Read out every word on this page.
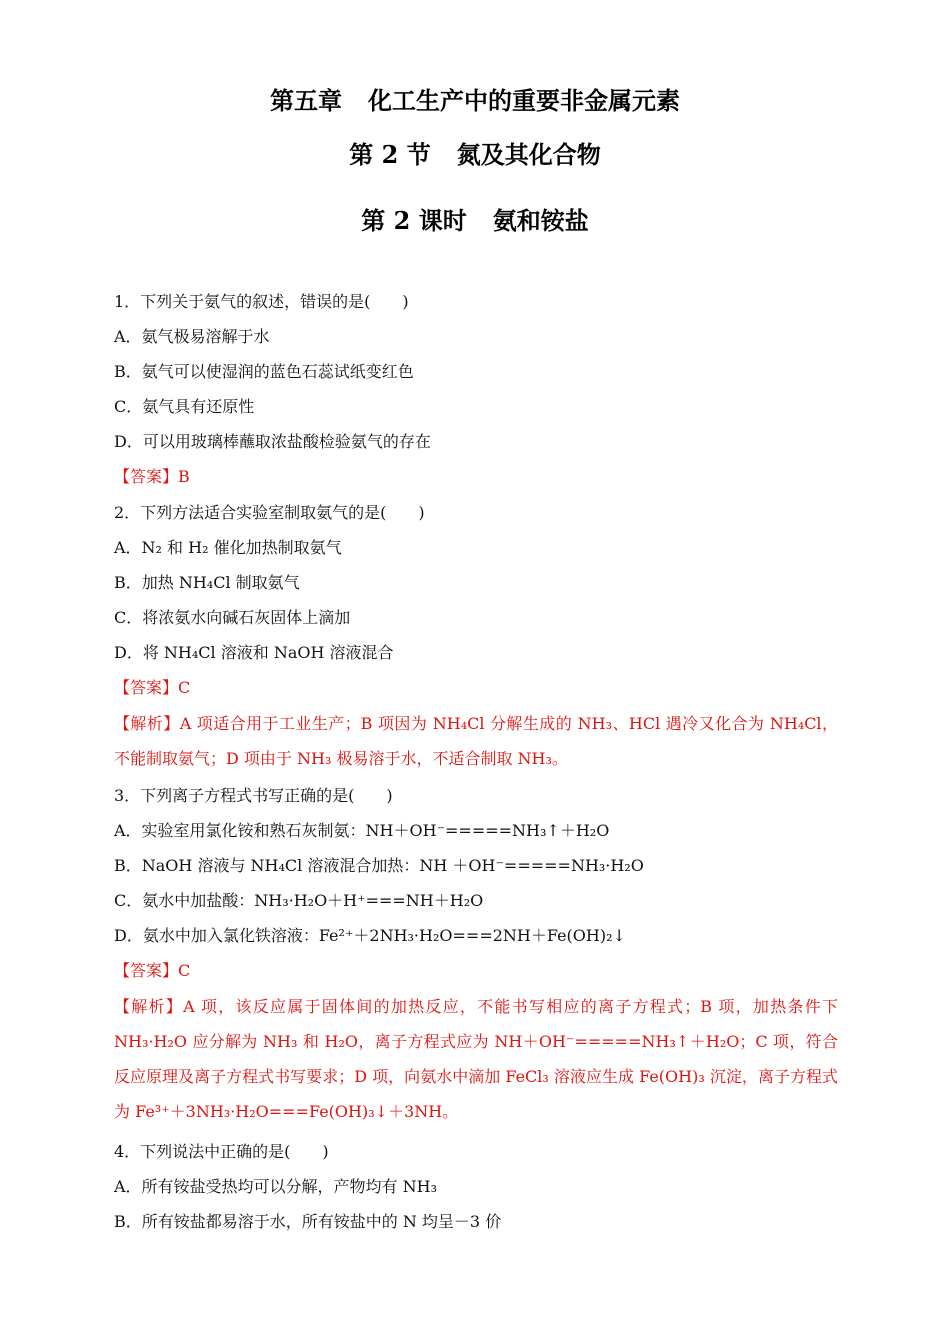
第五章 化工生产中的重要非金属元素
第 2 节 氮及其化合物
第 2 课时 氨和铵盐
1．下列关于氨气的叙述，错误的是(　　)
A．氨气极易溶解于水
B．氨气可以使湿润的蓝色石蕊试纸变红色
C．氨气具有还原性
D．可以用玻璃棒蘸取浓盐酸检验氨气的存在
【答案】B
2．下列方法适合实验室制取氨气的是(　　)
A．N₂ 和 H₂ 催化加热制取氨气
B．加热 NH₄Cl 制取氨气
C．将浓氨水向碱石灰固体上滴加
D．将 NH₄Cl 溶液和 NaOH 溶液混合
【答案】C
【解析】A 项适合用于工业生产；B 项因为 NH₄Cl 分解生成的 NH₃、HCl 遇冷又化合为 NH₄Cl，不能制取氨气；D 项由于 NH₃ 极易溶于水，不适合制取 NH₃。
3．下列离子方程式书写正确的是(　　)
A．实验室用氯化铵和熟石灰制氨：NH＋OH⁻=====NH₃↑＋H₂O
B．NaOH 溶液与 NH₄Cl 溶液混合加热：NH ＋OH⁻=====NH₃·H₂O
C．氨水中加盐酸：NH₃·H₂O＋H⁺===NH＋H₂O
D．氨水中加入氯化铁溶液：Fe²⁺＋2NH₃·H₂O===2NH＋Fe(OH)₂↓
【答案】C
【解析】A 项，该反应属于固体间的加热反应，不能书写相应的离子方程式；B 项，加热条件下 NH₃·H₂O 应分解为 NH₃ 和 H₂O，离子方程式应为 NH＋OH⁻=====NH₃↑＋H₂O；C 项，符合反应原理及离子方程式书写要求；D 项，向氨水中滴加 FeCl₃ 溶液应生成 Fe(OH)₃ 沉淀，离子方程式为 Fe³⁺＋3NH₃·H₂O===Fe(OH)₃↓＋3NH。
4．下列说法中正确的是(　　)
A．所有铵盐受热均可以分解，产物均有 NH₃
B．所有铵盐都易溶于水，所有铵盐中的 N 均呈－3 价
